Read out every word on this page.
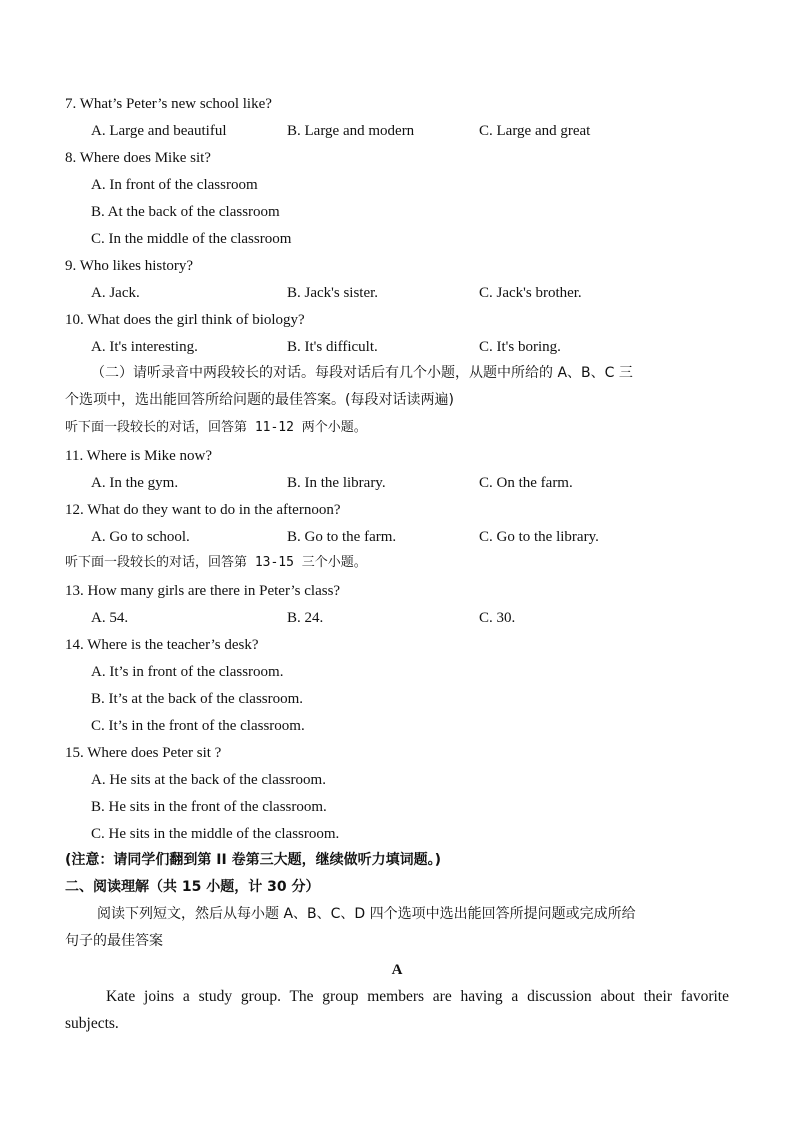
7. What’s Peter’s new school like?
A. Large and beautiful	B. Large and modern	C. Large and great
8. Where does Mike sit?
A. In front of the classroom
B. At the back of the classroom
C. In the middle of the classroom
9. Who likes history?
A. Jack.	B. Jack's sister.	C. Jack's brother.
10. What does the girl think of biology?
A. It's interesting.	B. It's difficult.	C. It's boring.
（二）请听录音中两段较长的对话。每段对话后有几个小题，从题中所给的 A、B、C 三
个选项中，选出能回答所给问题的最佳答案。(每段对话读两遍)
听下面一段较长的对话，回答第 11-12 两个小题。
11. Where is Mike now?
A. In the gym.	B. In the library.	C. On the farm.
12. What do they want to do in the afternoon?
A. Go to school.	B. Go to the farm.	C. Go to the library.
听下面一段较长的对话，回答第 13-15 三个小题。
13. How many girls are there in Peter’s class?
A. 54.	B. 24.	C. 30.
14. Where is the teacher’s desk?
A. It’s in front of the classroom.
B. It’s at the back of the classroom.
C. It’s in the front of the classroom.
15. Where does Peter sit ?
A. He sits at the back of the classroom.
B. He sits in the front of the classroom.
C. He sits in the middle of the classroom.
(注意：请同学们翻到第 II 卷第三大题，继续做听力填词题。)
二、阅读理解（共 15 小题，计 30 分）
阅读下列短文，然后从每小题 A、B、C、D 四个选项中选出能回答所提问题或完成所给
句子的最佳答案
A
Kate joins a study group. The group members are having a discussion about their favorite
subjects.
